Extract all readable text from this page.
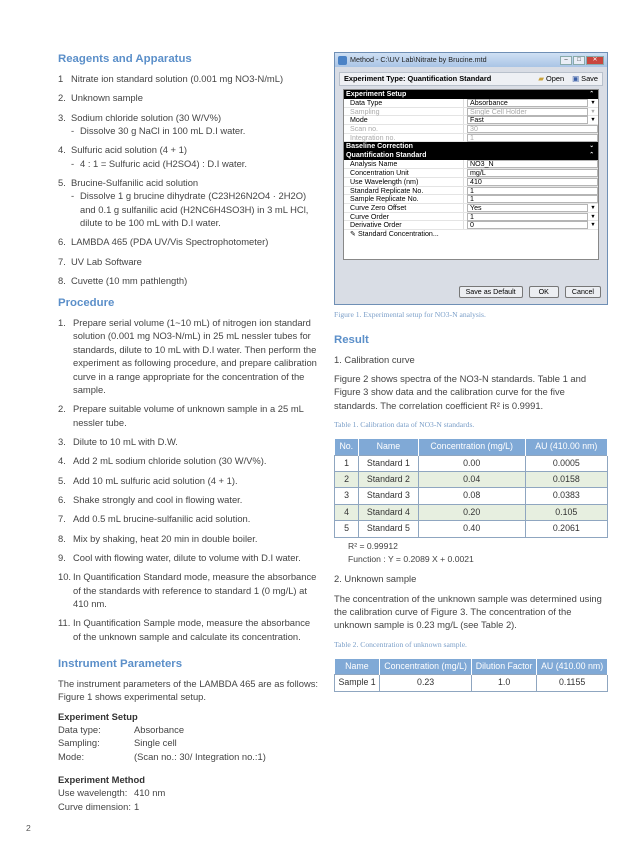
Reagents and Apparatus
1 Nitrate ion standard solution (0.001 mg NO3-N/mL)
2. Unknown sample
3. Sodium chloride solution (30 W/V%)
- Dissolve 30 g NaCl in 100 mL D.I water.
4. Sulfuric acid solution (4 + 1)
- 4 : 1 = Sulfuric acid (H2SO4) : D.I water.
5. Brucine-Sulfanilic acid solution
- Dissolve 1 g brucine dihydrate (C23H26N2O4 · 2H2O) and 0.1 g sulfanilic acid (H2NC6H4SO3H) in 3 mL HCl, dilute to be 100 mL with D.I water.
6. LAMBDA 465 (PDA UV/Vis Spectrophotometer)
7. UV Lab Software
8. Cuvette (10 mm pathlength)
Procedure
1. Prepare serial volume (1~10 mL) of nitrogen ion standard solution (0.001 mg NO3-N/mL) in 25 mL nessler tubes for standards, dilute to 10 mL with D.I water. Then perform the experiment as following procedure, and prepare calibration curve in a range appropriate for the concentration of the sample.
2. Prepare suitable volume of unknown sample in a 25 mL nessler tube.
3. Dilute to 10 mL with D.W.
4. Add 2 mL sodium chloride solution (30 W/V%).
5. Add 10 mL sulfuric acid solution (4 + 1).
6. Shake strongly and cool in flowing water.
7. Add 0.5 mL brucine-sulfanilic acid solution.
8. Mix by shaking, heat 20 min in double boiler.
9. Cool with flowing water, dilute to volume with D.I water.
10. In Quantification Standard mode, measure the absorbance of the standards with reference to standard 1 (0 mg/L) at 410 nm.
11. In Quantification Sample mode, measure the absorbance of the unknown sample and calculate its concentration.
Instrument Parameters

The instrument parameters of the LAMBDA 465 are as follows: Figure 1 shows experimental setup.

Experiment Setup
Data type:	Absorbance
Sampling:	Single cell
Mode:	(Scan no.: 30/ Integration no.:1)
Experiment Method
Use wavelength: 410 nm
Curve dimension: 1
Method - C:\UV Lab\Nitrate by Brucine.mtd	–	□	✕
Experiment Type: Quantification Standard	▰ Open ▣ Save
Experiment Setup	⌃
Data Type	Absorbance	▼
Sampling	Single Cell Holder	▼
Mode	Fast	▼
Scan no.	30
Integration no.	1
Baseline Correction	⌄
Quantification Standard	⌃
Analysis Name	NO3_N
Concentration Unit	mg/L
Use Wavelength (nm)	410
Standard Replicate No.	1
Sample Replicate No.	1
Curve Zero Offset	Yes	▼
Curve Order	1	▼
Derivative Order	0	▼
✎ Standard Concentration...
Save as Default	OK	Cancel
Figure 1. Experimental setup for NO3-N analysis.
Result

1. Calibration curve

Figure 2 shows spectra of the NO3-N standards. Table 1 and Figure 3 show data and the calibration curve for the five standards. The correlation coefficient R² is 0.9991.

Table 1. Calibration data of NO3-N standards.
No.	Name	Concentration (mg/L)	AU (410.00 nm)
1	Standard 1	0.00	0.0005
2	Standard 2	0.04	0.0158
3	Standard 3	0.08	0.0383
4	Standard 4	0.20	0.105
5	Standard 5	0.40	0.2061
R² = 0.99912
Function : Y = 0.2089 X + 0.0021

2. Unknown sample

The concentration of the unknown sample was determined using the calibration curve of Figure 3. The concentration of the unknown sample is 0.23 mg/L (see Table 2).

Table 2. Concentration of unknown sample.
Name	Concentration (mg/L)	Dilution Factor	AU (410.00 nm)
Sample 1	0.23	1.0	0.1155
2
